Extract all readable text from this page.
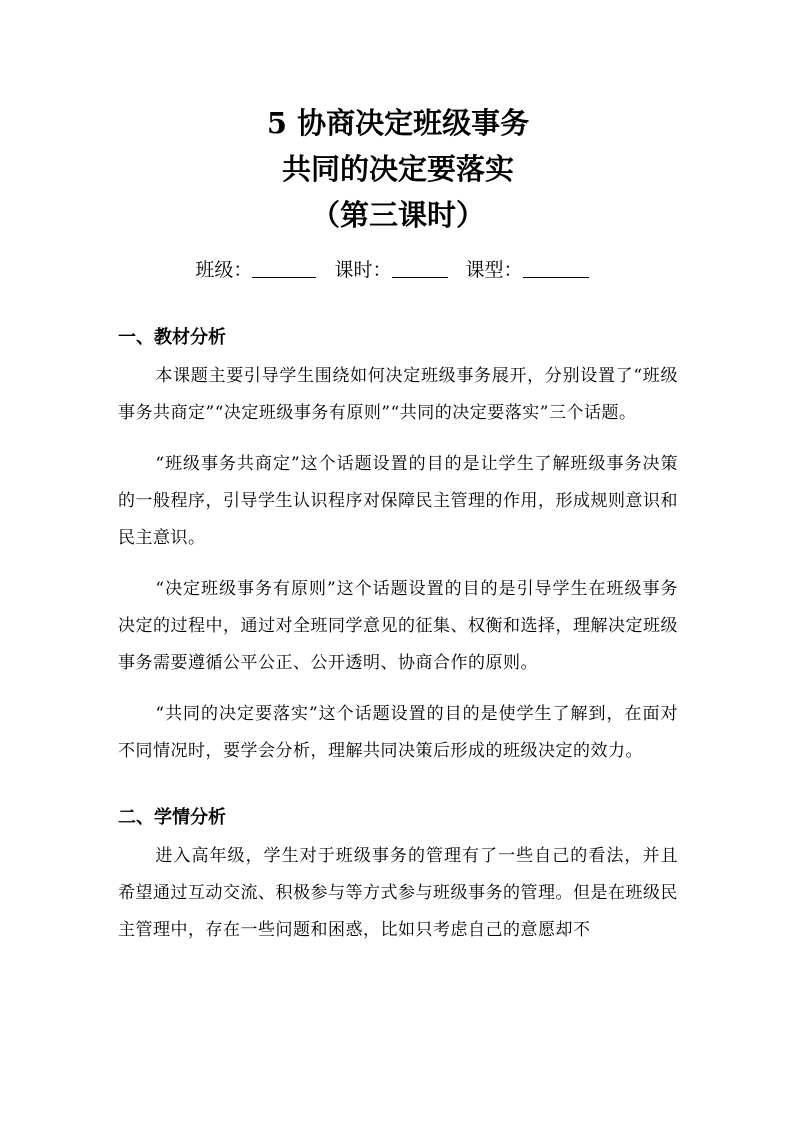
5 协商决定班级事务
共同的决定要落实
（第三课时）
班级：	课时：	课型：
一、教材分析

本课题主要引导学生围绕如何决定班级事务展开，分别设置了“班级事务共商定”“决定班级事务有原则”“共同的决定要落实”三个话题。

“班级事务共商定”这个话题设置的目的是让学生了解班级事务决策的一般程序，引导学生认识程序对保障民主管理的作用，形成规则意识和民主意识。

“决定班级事务有原则”这个话题设置的目的是引导学生在班级事务决定的过程中，通过对全班同学意见的征集、权衡和选择，理解决定班级事务需要遵循公平公正、公开透明、协商合作的原则。

“共同的决定要落实”这个话题设置的目的是使学生了解到，在面对不同情况时，要学会分析，理解共同决策后形成的班级决定的效力。

二、学情分析

进入高年级，学生对于班级事务的管理有了一些自己的看法，并且希望通过互动交流、积极参与等方式参与班级事务的管理。但是在班级民主管理中，存在一些问题和困惑，比如只考虑自己的意愿却不
